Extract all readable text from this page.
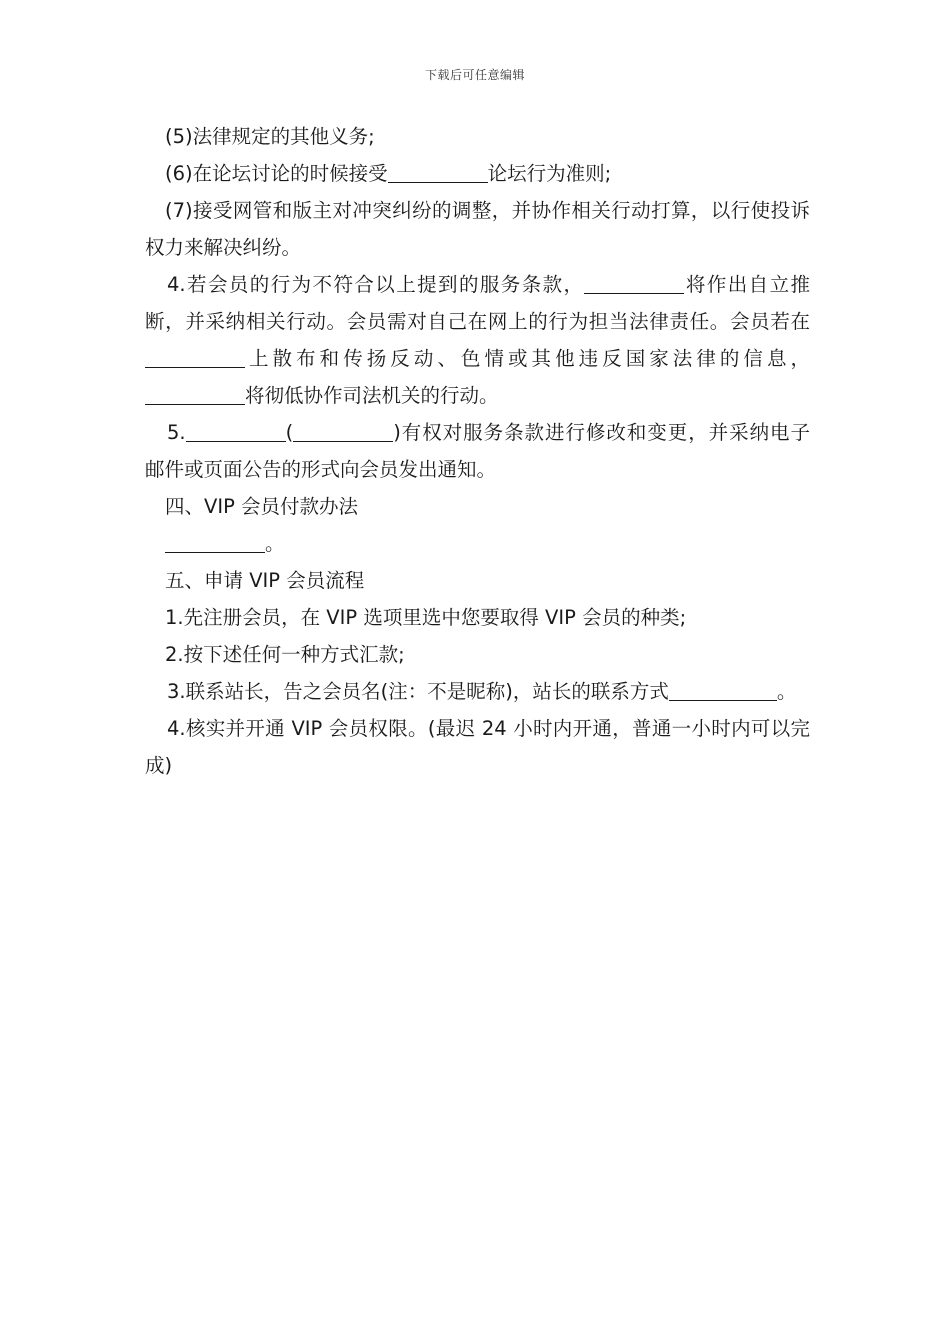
下载后可任意编辑

(5)法律规定的其他义务;

(6)在论坛讨论的时候接受	论坛行为准则;

(7)接受网管和版主对冲突纠纷的调整，并协作相关行动打算，以行使投诉权力来解决纠纷。

4.若会员的行为不符合以上提到的服务条款，	将作出自立推断，并采纳相关行动。会员需对自己在网上的行为担当法律责任。会员若在上散布和传扬反动、色情或其他违反国家法律的信息，将彻低协作司法机关的行动。

5.	(	)有权对服务条款进行修改和变更，并采纳电子邮件或页面公告的形式向会员发出通知。

四、VIP 会员付款办法

。

五、申请 VIP 会员流程

1.先注册会员，在 VIP 选项里选中您要取得 VIP 会员的种类;

2.按下述任何一种方式汇款;

3.联系站长，告之会员名(注：不是昵称)，站长的联系方式	。

4.核实并开通 VIP 会员权限。(最迟 24 小时内开通，普通一小时内可以完成)
